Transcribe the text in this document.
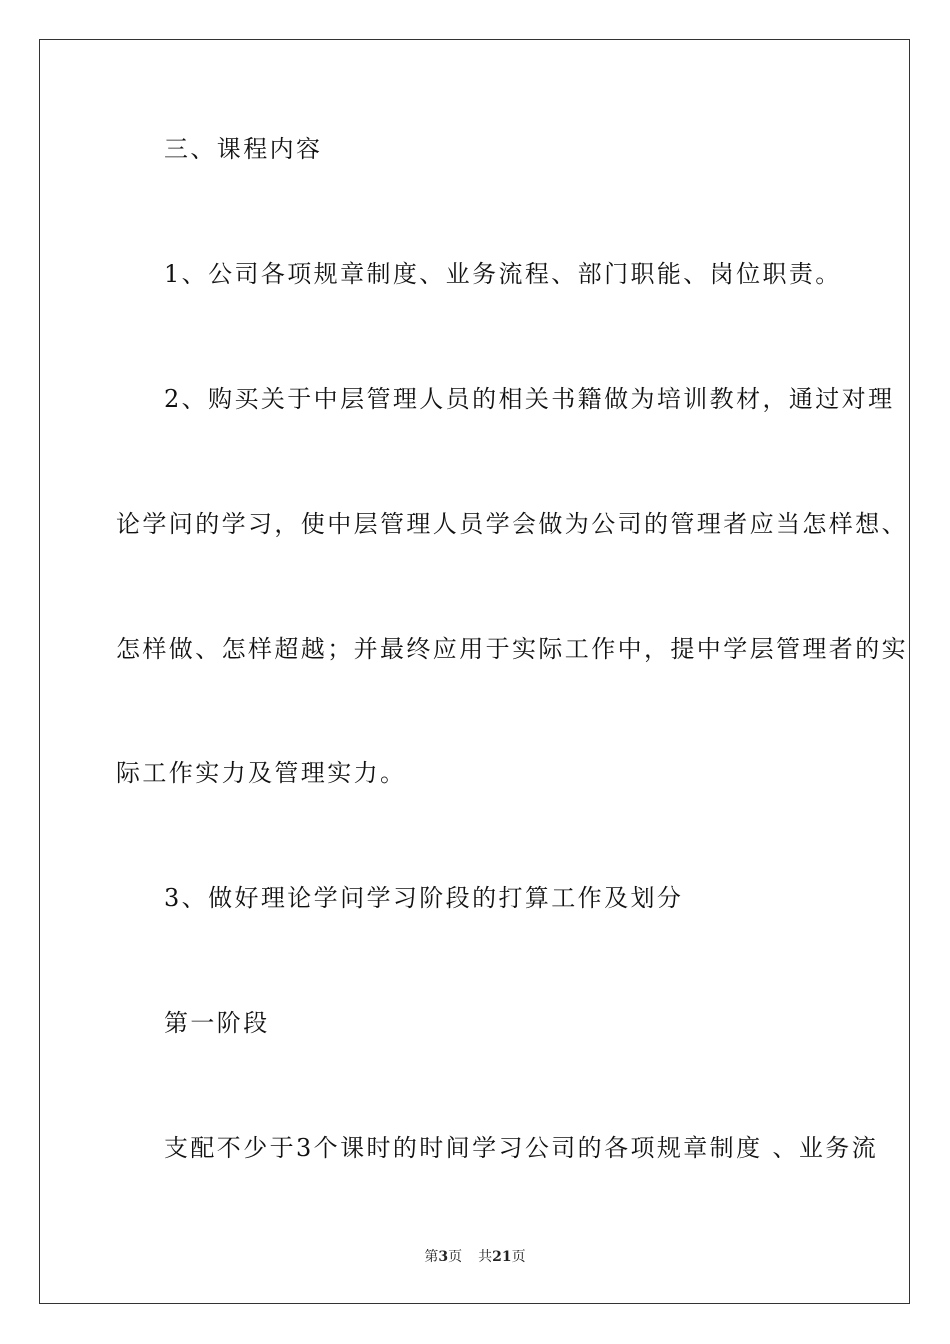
三、课程内容
1、公司各项规章制度、业务流程、部门职能、岗位职责。
2、购买关于中层管理人员的相关书籍做为培训教材，通过对理
论学问的学习，使中层管理人员学会做为公司的管理者应当怎样想、
怎样做、怎样超越；并最终应用于实际工作中，提中学层管理者的实
际工作实力及管理实力。
3、做好理论学问学习阶段的打算工作及划分
第一阶段
支配不少于3个课时的时间学习公司的各项规章制度 、业务流
第3页 共21页
